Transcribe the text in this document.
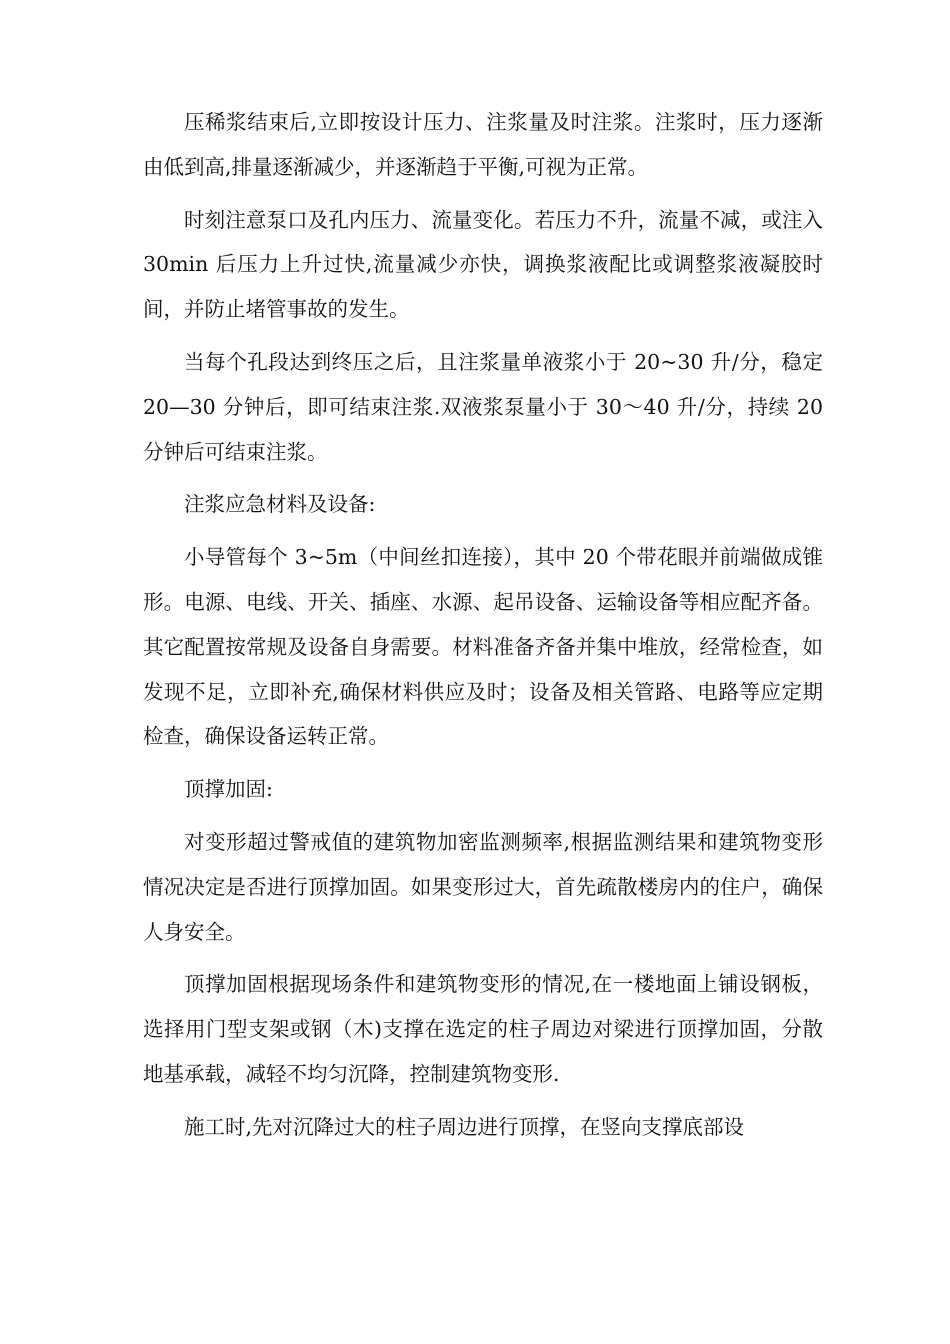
压稀浆结束后,立即按设计压力、注浆量及时注浆。注浆时，压力逐渐由低到高,排量逐渐减少，并逐渐趋于平衡,可视为正常。

时刻注意泵口及孔内压力、流量变化。若压力不升，流量不减，或注入 30min 后压力上升过快,流量减少亦快，调换浆液配比或调整浆液凝胶时间，并防止堵管事故的发生。

当每个孔段达到终压之后，且注浆量单液浆小于 20~30 升/分，稳定 20—30 分钟后，即可结束注浆.双液浆泵量小于 30～40 升/分，持续 20 分钟后可结束注浆。

注浆应急材料及设备:

小导管每个 3~5m（中间丝扣连接），其中 20 个带花眼并前端做成锥形。电源、电线、开关、插座、水源、起吊设备、运输设备等相应配齐备。其它配置按常规及设备自身需要。材料准备齐备并集中堆放，经常检查，如发现不足，立即补充,确保材料供应及时；设备及相关管路、电路等应定期检查，确保设备运转正常。

顶撑加固:

对变形超过警戒值的建筑物加密监测频率,根据监测结果和建筑物变形情况决定是否进行顶撑加固。如果变形过大，首先疏散楼房内的住户，确保人身安全。

顶撑加固根据现场条件和建筑物变形的情况,在一楼地面上铺设钢板，选择用门型支架或钢（木)支撑在选定的柱子周边对梁进行顶撑加固，分散地基承载，减轻不均匀沉降，控制建筑物变形.

施工时,先对沉降过大的柱子周边进行顶撑，在竖向支撑底部设
